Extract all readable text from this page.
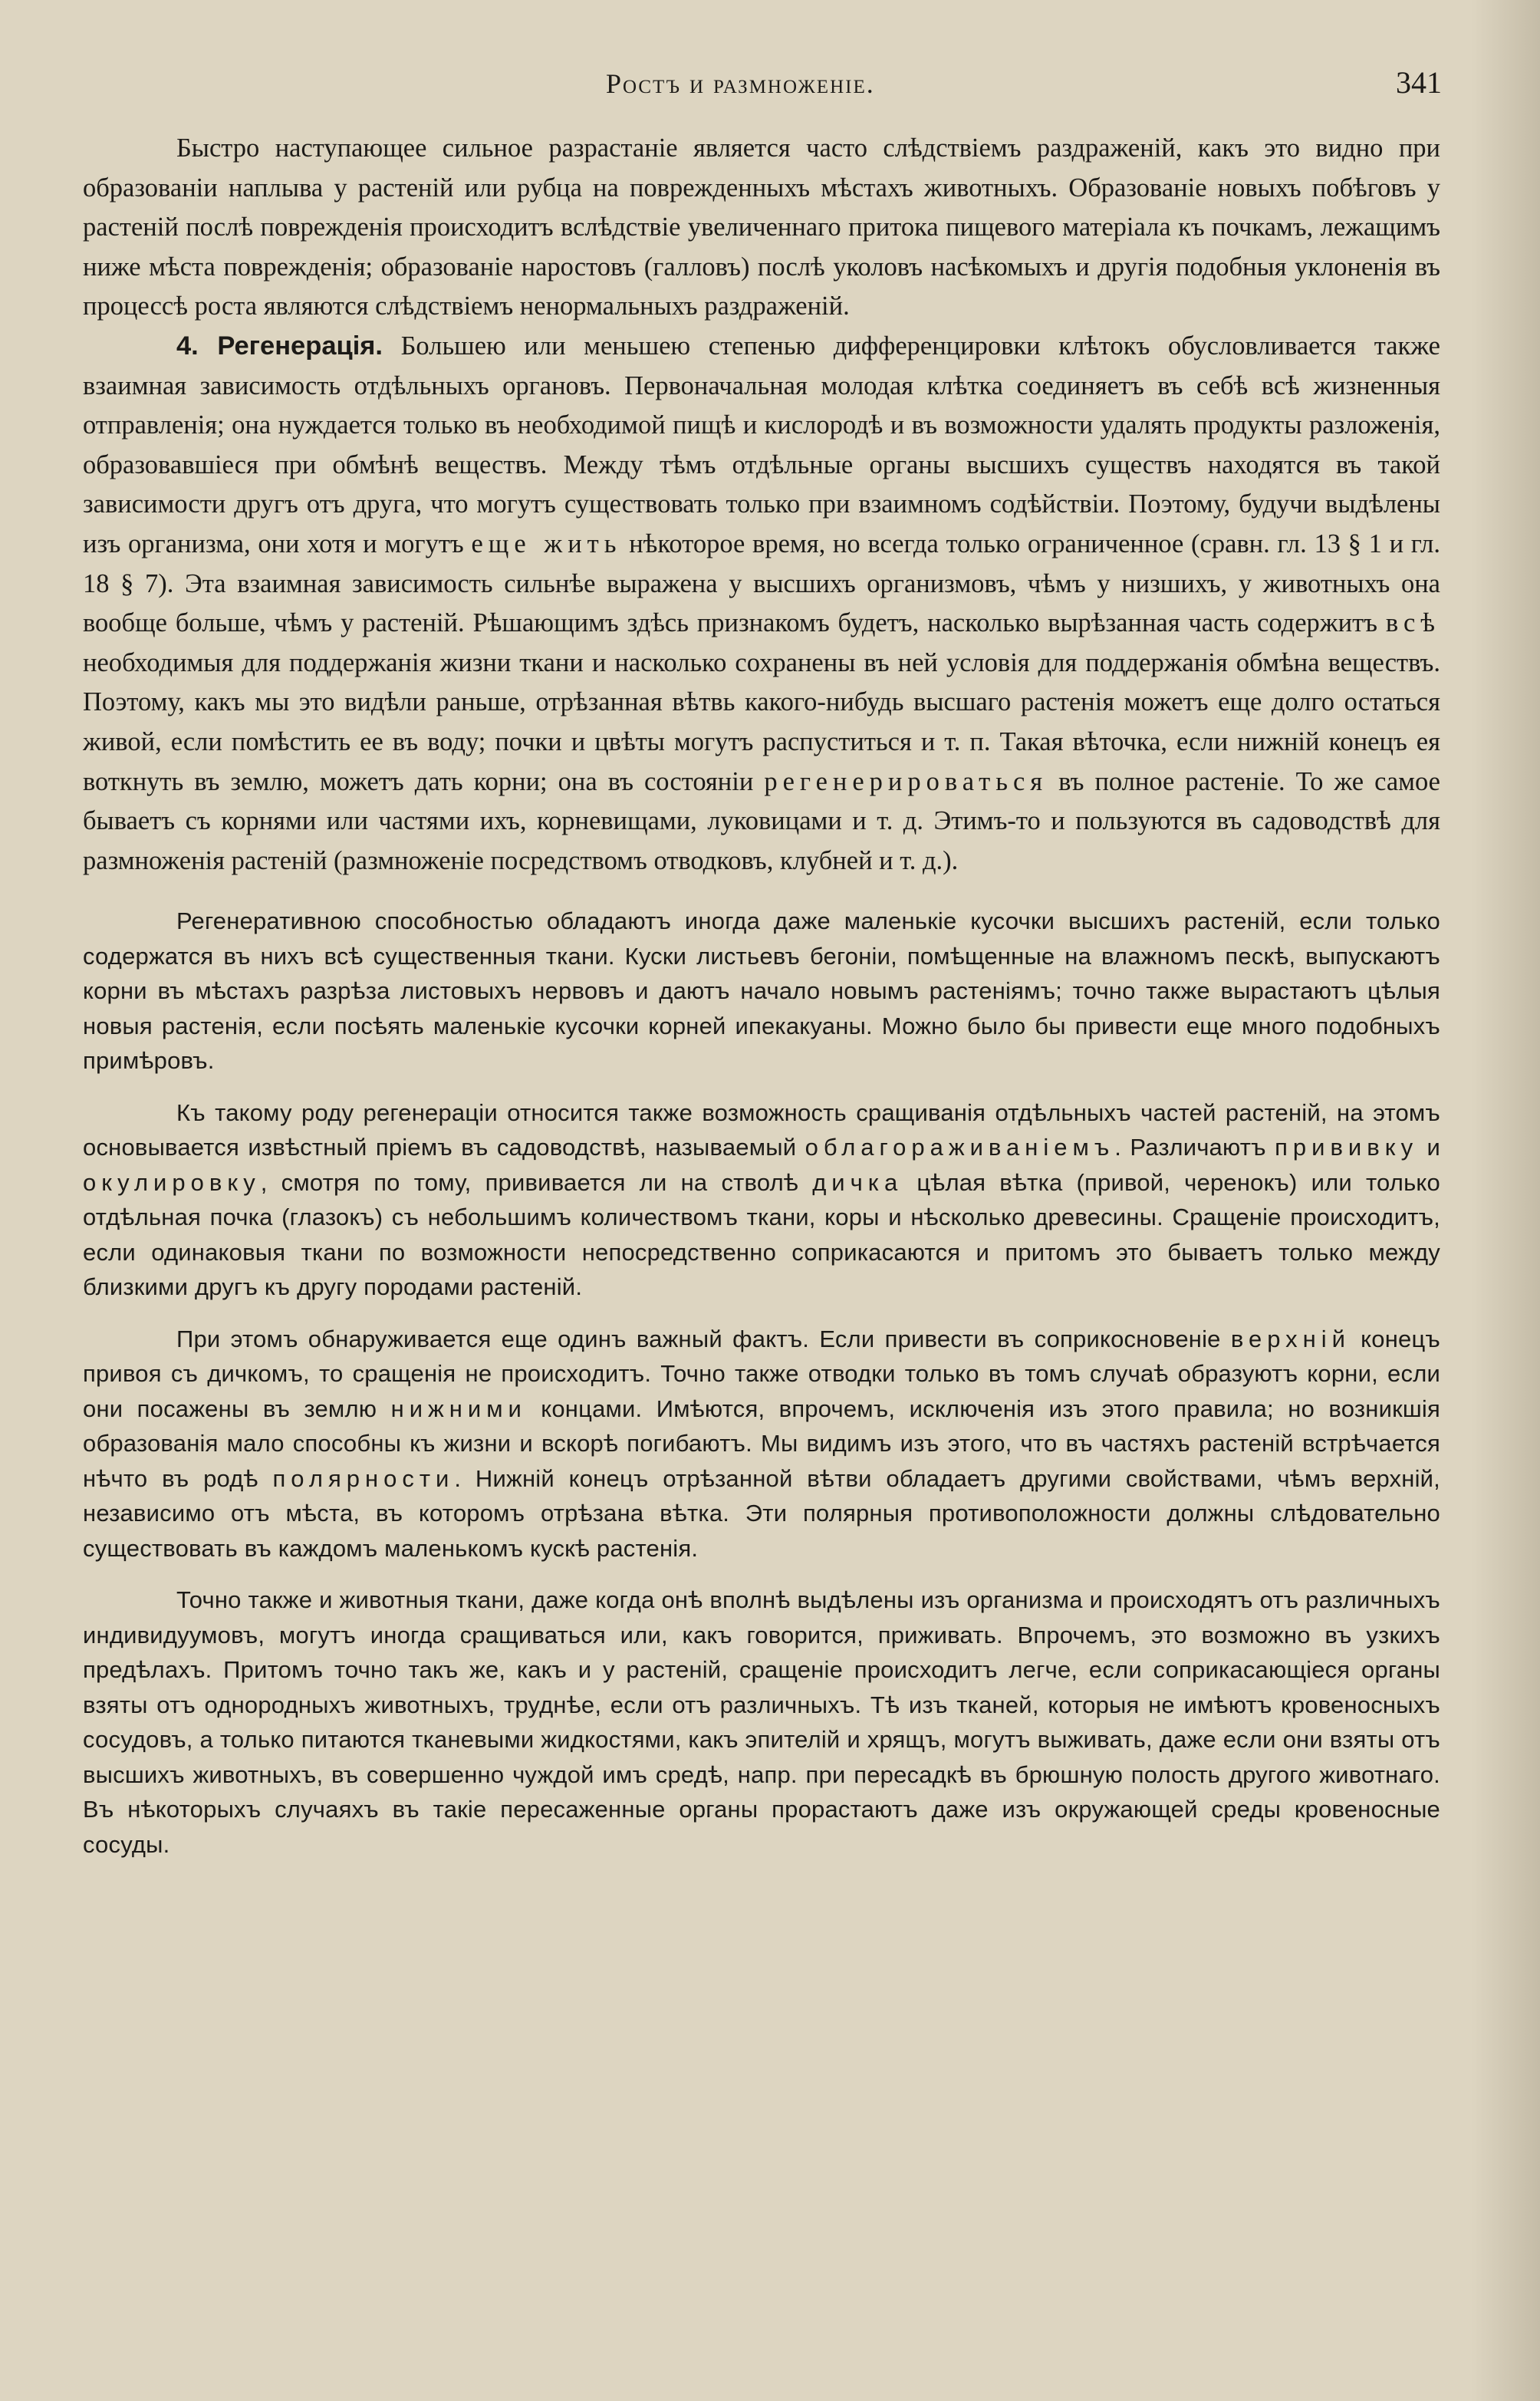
Ростъ и размноженіе.	341

Быстро наступающее сильное разрастаніе является часто слѣдствіемъ раздраженій, какъ это видно при образованіи наплыва у растеній или рубца на поврежденныхъ мѣстахъ животныхъ. Образованіе новыхъ побѣговъ у растеній послѣ поврежденія происходитъ вслѣдствіе увеличеннаго притока пищевого матеріала къ почкамъ, лежащимъ ниже мѣста поврежденія; образованіе наростовъ (галловъ) послѣ уколовъ насѣкомыхъ и другія подобныя уклоненія въ процессѣ роста являются слѣдствіемъ ненормальныхъ раздраженій.

4. Регенерація. Большею или меньшею степенью дифференцировки клѣтокъ обусловливается также взаимная зависимость отдѣльныхъ органовъ. Первоначальная молодая клѣтка соединяетъ въ себѣ всѣ жизненныя отправленія; она нуждается только въ необходимой пищѣ и кислородѣ и въ возможности удалять продукты разложенія, образовавшіеся при обмѣнѣ веществъ. Между тѣмъ отдѣльные органы высшихъ существъ находятся въ такой зависимости другъ отъ друга, что могутъ существовать только при взаимномъ содѣйствіи. Поэтому, будучи выдѣлены изъ организма, они хотя и могутъ еще жить нѣкоторое время, но всегда только ограниченное (сравн. гл. 13 § 1 и гл. 18 § 7). Эта взаимная зависимость сильнѣе выражена у высшихъ организмовъ, чѣмъ у низшихъ, у животныхъ она вообще больше, чѣмъ у растеній. Рѣшающимъ здѣсь признакомъ будетъ, насколько вырѣзанная часть содержитъ всѣ необходимыя для поддержанія жизни ткани и насколько сохранены въ ней условія для поддержанія обмѣна веществъ. Поэтому, какъ мы это видѣли раньше, отрѣзанная вѣтвь какого-нибудь высшаго растенія можетъ еще долго остаться живой, если помѣстить ее въ воду; почки и цвѣты могутъ распуститься и т. п. Такая вѣточка, если нижній конецъ ея воткнуть въ землю, можетъ дать корни; она въ состояніи регенерироваться въ полное растеніе. То же самое бываетъ съ корнями или частями ихъ, корневищами, луковицами и т. д. Этимъ-то и пользуются въ садоводствѣ для размноженія растеній (размноженіе посредствомъ отводковъ, клубней и т. д.).

Регенеративною способностью обладаютъ иногда даже маленькіе кусочки высшихъ растеній, если только содержатся въ нихъ всѣ существенныя ткани. Куски листьевъ бегоніи, помѣщенные на влажномъ пескѣ, выпускаютъ корни въ мѣстахъ разрѣза листовыхъ нервовъ и даютъ начало новымъ растеніямъ; точно также вырастаютъ цѣлыя новыя растенія, если посѣять маленькіе кусочки корней ипекакуаны. Можно было бы привести еще много подобныхъ примѣровъ.

Къ такому роду регенераціи относится также возможность сращиванія отдѣльныхъ частей растеній, на этомъ основывается извѣстный пріемъ въ садоводствѣ, называемый облагораживаніемъ. Различаютъ прививку и окулировку, смотря по тому, прививается ли на стволѣ дичка цѣлая вѣтка (привой, черенокъ) или только отдѣльная почка (глазокъ) съ небольшимъ количествомъ ткани, коры и нѣсколько древесины. Сращеніе происходитъ, если одинаковыя ткани по возможности непосредственно соприкасаются и притомъ это бываетъ только между близкими другъ къ другу породами растеній.

При этомъ обнаруживается еще одинъ важный фактъ. Если привести въ соприкосновеніе верхній конецъ привоя съ дичкомъ, то сращенія не происходитъ. Точно также отводки только въ томъ случаѣ образуютъ корни, если они посажены въ землю нижними концами. Имѣются, впрочемъ, исключенія изъ этого правила; но возникшія образованія мало способны къ жизни и вскорѣ погибаютъ. Мы видимъ изъ этого, что въ частяхъ растеній встрѣчается нѣчто въ родѣ полярности. Нижній конецъ отрѣзанной вѣтви обладаетъ другими свойствами, чѣмъ верхній, независимо отъ мѣста, въ которомъ отрѣзана вѣтка. Эти полярныя противоположности должны слѣдовательно существовать въ каждомъ маленькомъ кускѣ растенія.

Точно также и животныя ткани, даже когда онѣ вполнѣ выдѣлены изъ организма и происходятъ отъ различныхъ индивидуумовъ, могутъ иногда сращиваться или, какъ говорится, приживать. Впрочемъ, это возможно въ узкихъ предѣлахъ. Притомъ точно такъ же, какъ и у растеній, сращеніе происходитъ легче, если соприкасающіеся органы взяты отъ однородныхъ животныхъ, труднѣе, если отъ различныхъ. Тѣ изъ тканей, которыя не имѣютъ кровеносныхъ сосудовъ, а только питаются тканевыми жидкостями, какъ эпителій и хрящъ, могутъ выживать, даже если они взяты отъ высшихъ животныхъ, въ совершенно чуждой имъ средѣ, напр. при пересадкѣ въ брюшную полость другого животнаго. Въ нѣкоторыхъ случаяхъ въ такіе пересаженные органы прорастаютъ даже изъ окружающей среды кровеносные сосуды.
